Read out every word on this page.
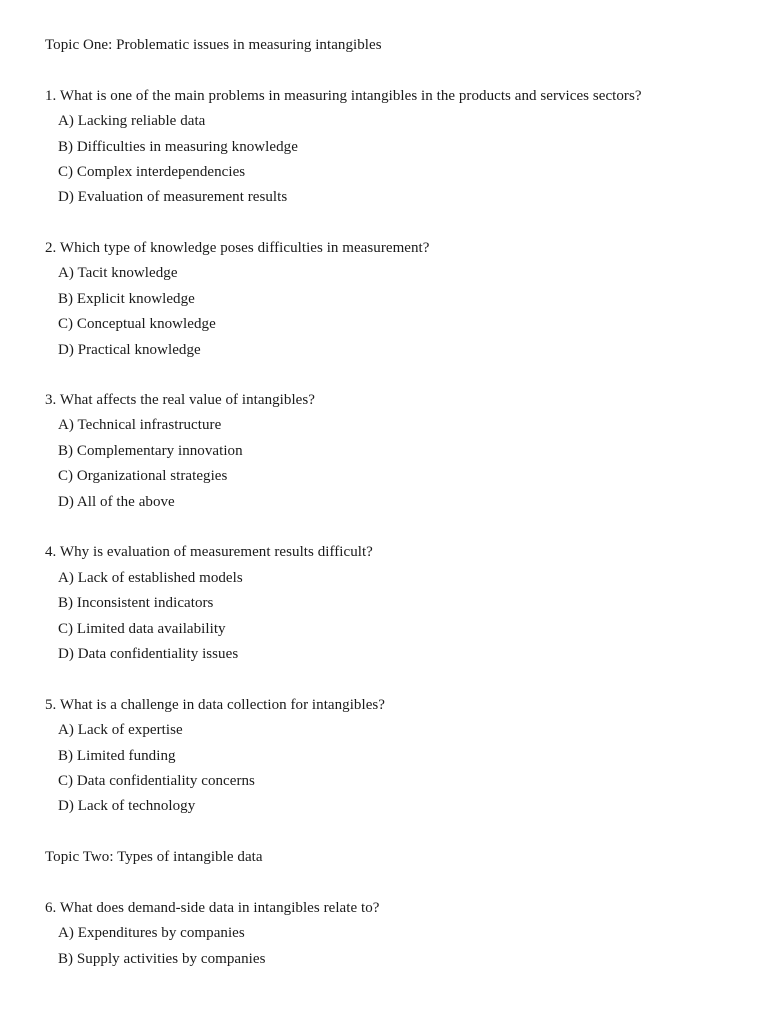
Topic One: Problematic issues in measuring intangibles
1. What is one of the main problems in measuring intangibles in the products and services sectors?
A) Lacking reliable data
B) Difficulties in measuring knowledge
C) Complex interdependencies
D) Evaluation of measurement results
2. Which type of knowledge poses difficulties in measurement?
A) Tacit knowledge
B) Explicit knowledge
C) Conceptual knowledge
D) Practical knowledge
3. What affects the real value of intangibles?
A) Technical infrastructure
B) Complementary innovation
C) Organizational strategies
D) All of the above
4. Why is evaluation of measurement results difficult?
A) Lack of established models
B) Inconsistent indicators
C) Limited data availability
D) Data confidentiality issues
5. What is a challenge in data collection for intangibles?
A) Lack of expertise
B) Limited funding
C) Data confidentiality concerns
D) Lack of technology
Topic Two: Types of intangible data
6. What does demand-side data in intangibles relate to?
A) Expenditures by companies
B) Supply activities by companies
